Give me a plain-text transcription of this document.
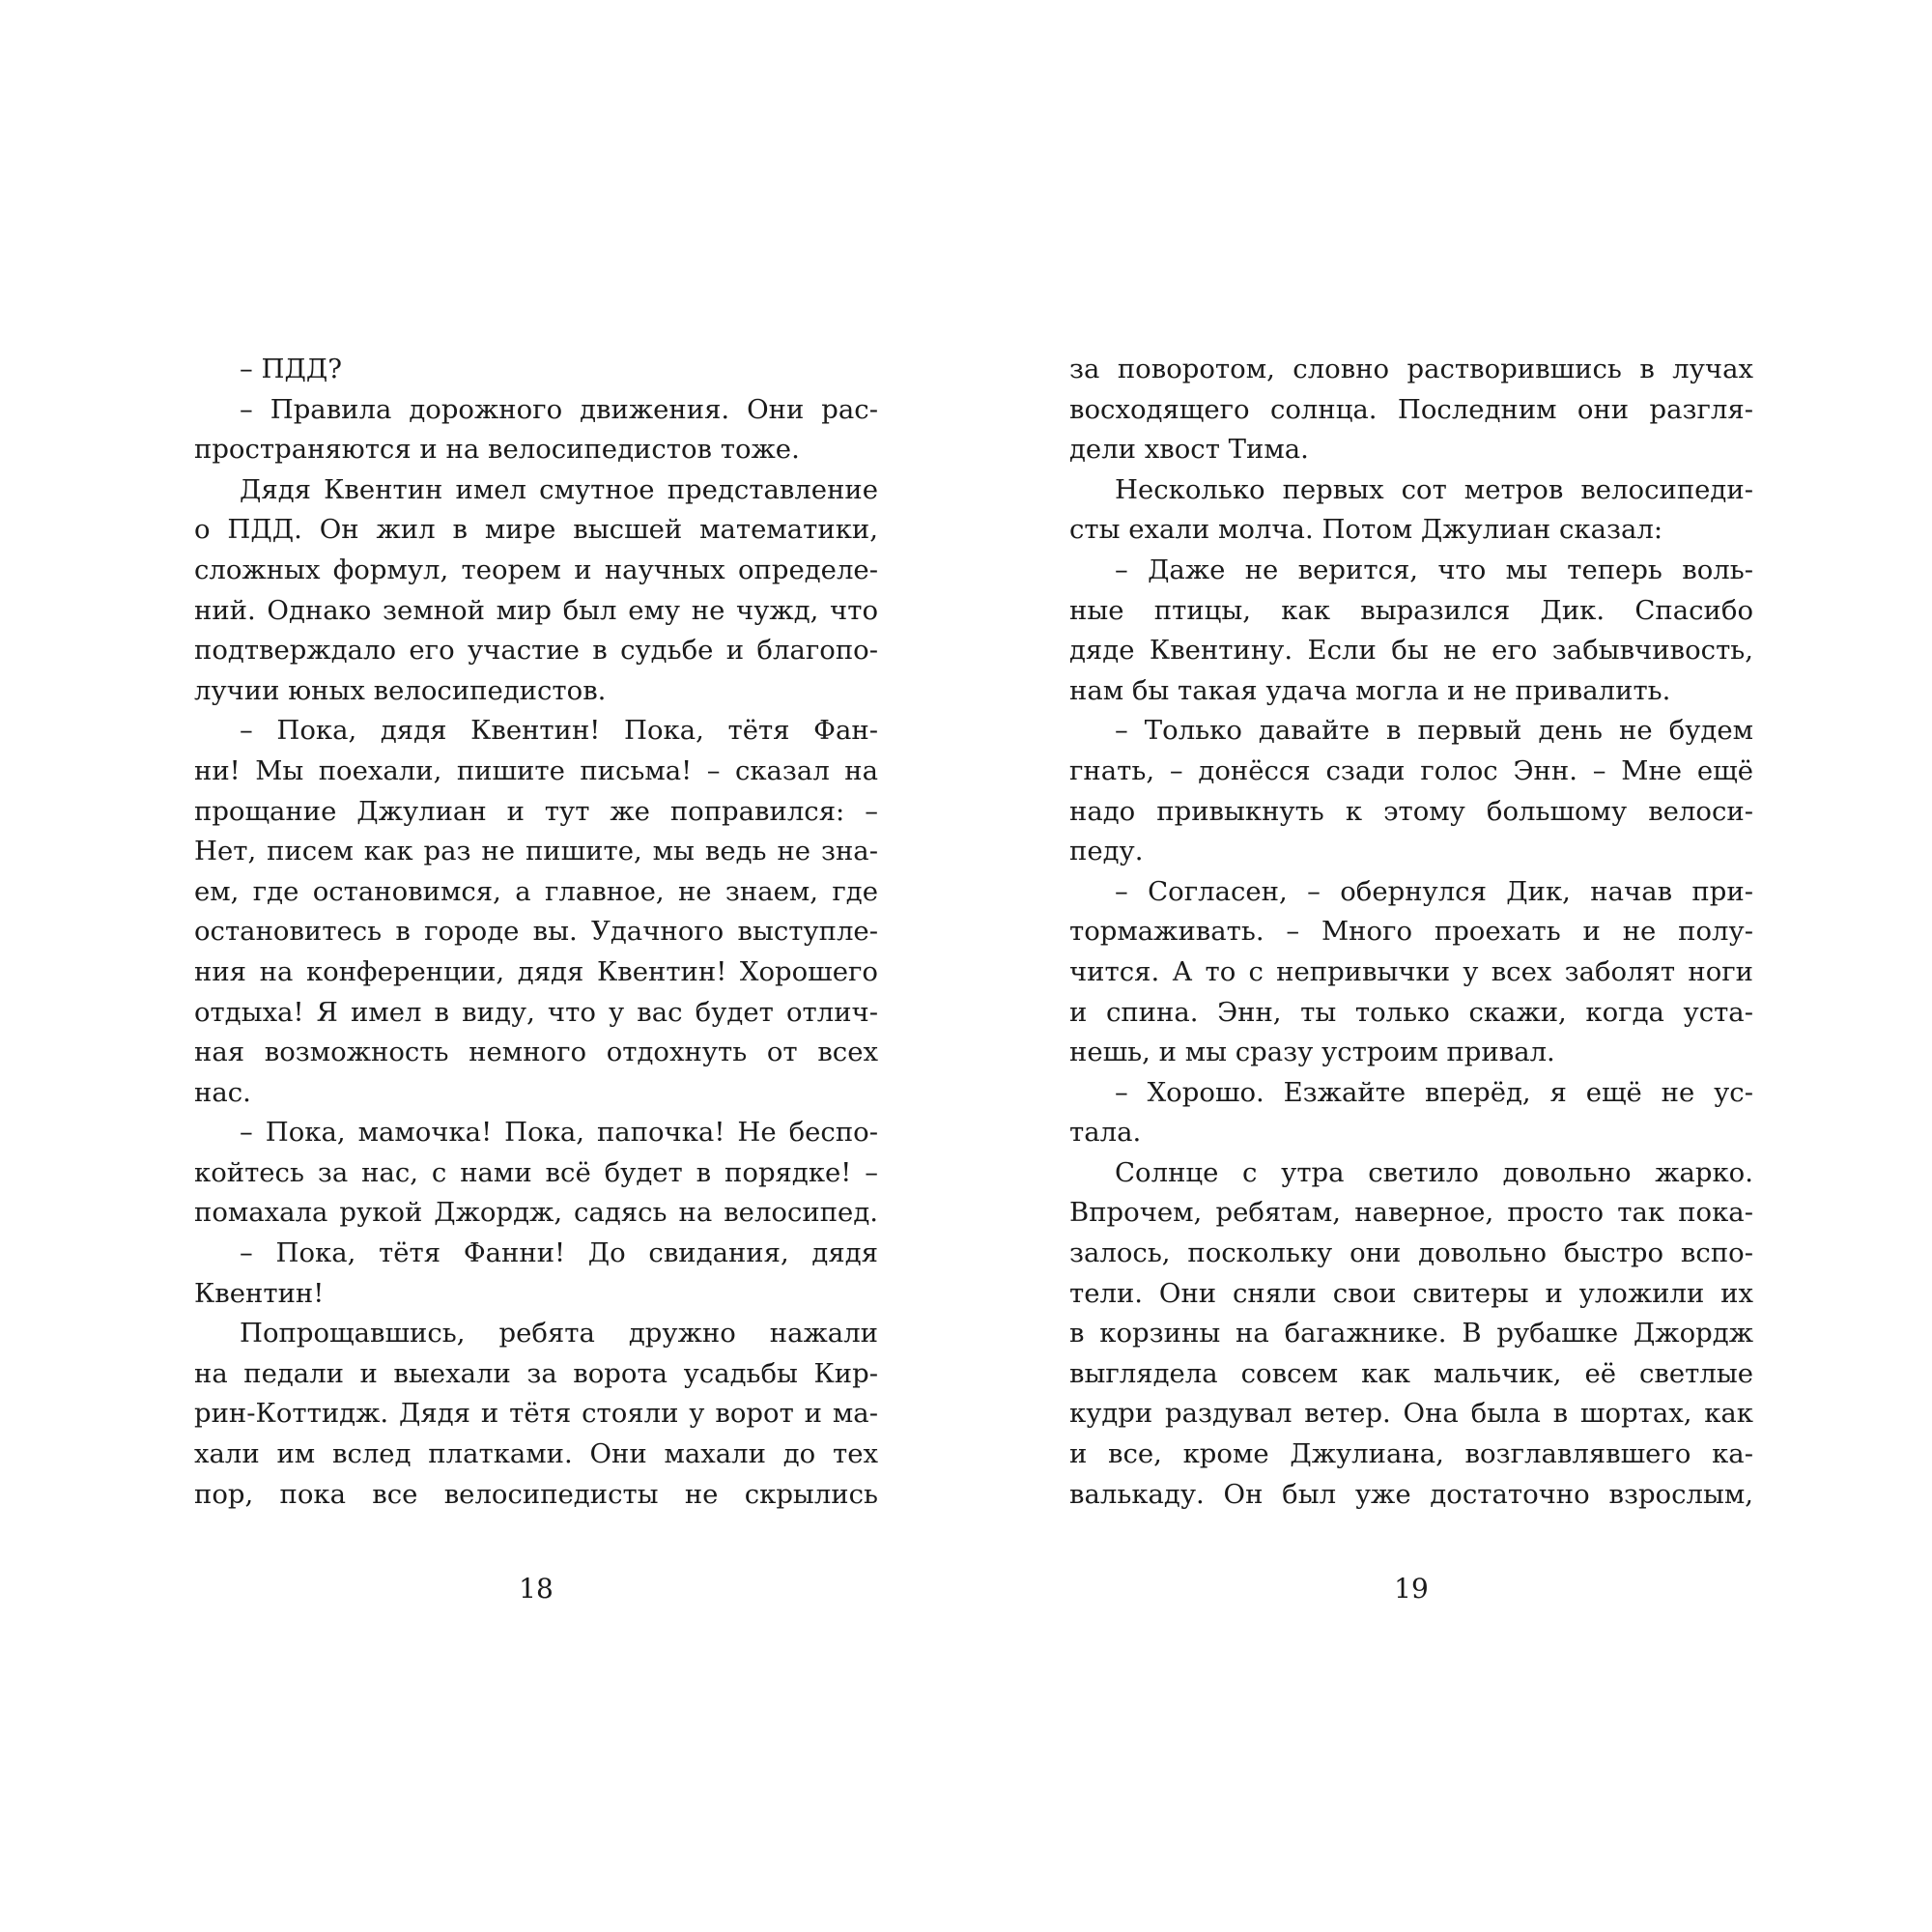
– ПДД?
– Правила дорожного движения. Они рас-
пространяются и на велосипедистов тоже.
Дядя Квентин имел смутное представление
о ПДД. Он жил в мире высшей математики,
сложных формул, теорем и научных определе-
ний. Однако земной мир был ему не чужд, что
подтверждало его участие в судьбе и благопо-
лучии юных велосипедистов.
– Пока, дядя Квентин! Пока, тётя Фан-
ни! Мы поехали, пишите письма! – сказал на
прощание Джулиан и тут же поправился: –
Нет, писем как раз не пишите, мы ведь не зна-
ем, где остановимся, а главное, не знаем, где
остановитесь в городе вы. Удачного выступле-
ния на конференции, дядя Квентин! Хорошего
отдыха! Я имел в виду, что у вас будет отлич-
ная возможность немного отдохнуть от всех
нас.
– Пока, мамочка! Пока, папочка! Не беспо-
койтесь за нас, с нами всё будет в порядке! –
помахала рукой Джордж, садясь на велосипед.
– Пока, тётя Фанни! До свидания, дядя
Квентин!
Попрощавшись, ребята дружно нажали
на педали и выехали за ворота усадьбы Кир-
рин-Коттидж. Дядя и тётя стояли у ворот и ма-
хали им вслед платками. Они махали до тех
пор, пока все велосипедисты не скрылись
18
за поворотом, словно растворившись в лучах
восходящего солнца. Последним они разгля-
дели хвост Тима.
Несколько первых сот метров велосипеди-
сты ехали молча. Потом Джулиан сказал:
– Даже не верится, что мы теперь воль-
ные птицы, как выразился Дик. Спасибо
дяде Квентину. Если бы не его забывчивость,
нам бы такая удача могла и не привалить.
– Только давайте в первый день не будем
гнать, – донёсся сзади голос Энн. – Мне ещё
надо привыкнуть к этому большому велоси-
педу.
– Согласен, – обернулся Дик, начав при-
тормаживать. – Много проехать и не полу-
чится. А то с непривычки у всех заболят ноги
и спина. Энн, ты только скажи, когда уста-
нешь, и мы сразу устроим привал.
– Хорошо. Езжайте вперёд, я ещё не ус-
тала.
Солнце с утра светило довольно жарко.
Впрочем, ребятам, наверное, просто так пока-
залось, поскольку они довольно быстро вспо-
тели. Они сняли свои свитеры и уложили их
в корзины на багажнике. В рубашке Джордж
выглядела совсем как мальчик, её светлые
кудри раздувал ветер. Она была в шортах, как
и все, кроме Джулиана, возглавлявшего ка-
валькаду. Он был уже достаточно взрослым,
19
